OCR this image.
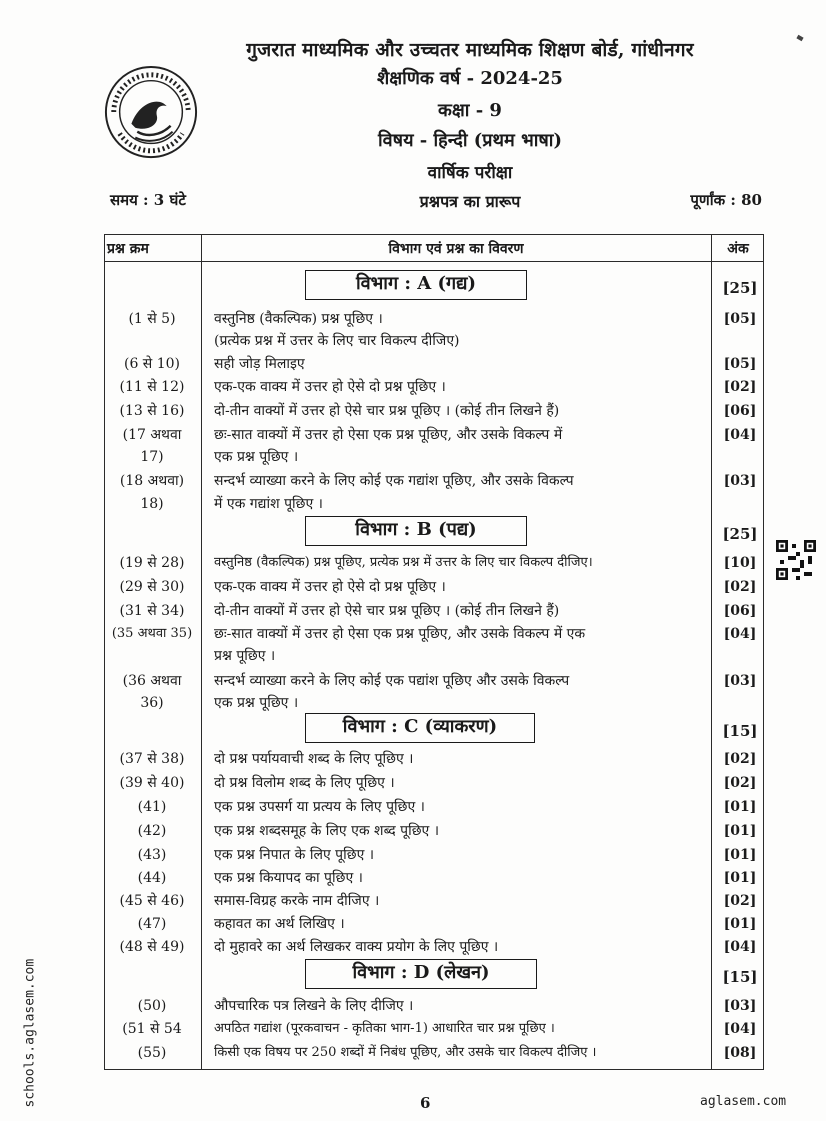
गुजरात माध्यमिक और उच्चतर माध्यमिक शिक्षण बोर्ड, गांधीनगर
शैक्षणिक वर्ष - 2024-25
कक्षा - 9
विषय - हिन्दी (प्रथम भाषा)
वार्षिक परीक्षा
समय : 3 घंटे	प्रश्नपत्र का प्रारूप	पूर्णांक : 80
प्रश्न क्रम	विभाग एवं प्रश्न का विवरण	अंक
विभाग : A (गद्य)	[25]
(1 से 5)	वस्तुनिष्ठ (वैकल्पिक) प्रश्न पूछिए ।	[05]
(प्रत्येक प्रश्न में उत्तर के लिए चार विकल्प दीजिए)
(6 से 10)	सही जोड़ मिलाइए	[05]
(11 से 12)	एक-एक वाक्य में उत्तर हो ऐसे दो प्रश्न पूछिए ।	[02]
(13 से 16)	दो-तीन वाक्यों में उत्तर हो ऐसे चार प्रश्न पूछिए । (कोई तीन लिखने हैं)	[06]
(17 अथवा	छः-सात वाक्यों में उत्तर हो ऐसा एक प्रश्न पूछिए, और उसके विकल्प में	[04]
17)	एक प्रश्न पूछिए ।
(18 अथवा)	सन्दर्भ व्याख्या करने के लिए कोई एक गद्यांश पूछिए, और उसके विकल्प	[03]
18)	में एक गद्यांश पूछिए ।
विभाग : B (पद्य)	[25]
(19 से 28)	वस्तुनिष्ठ (वैकल्पिक) प्रश्न पूछिए, प्रत्येक प्रश्न में उत्तर के लिए चार विकल्प दीजिए।	[10]
(29 से 30)	एक-एक वाक्य में उत्तर हो ऐसे दो प्रश्न पूछिए ।	[02]
(31 से 34)	दो-तीन वाक्यों में उत्तर हो ऐसे चार प्रश्न पूछिए । (कोई तीन लिखने हैं)	[06]
(35 अथवा 35)	छः-सात वाक्यों में उत्तर हो ऐसा एक प्रश्न पूछिए, और उसके विकल्प में एक	[04]
प्रश्न पूछिए ।
(36 अथवा	सन्दर्भ व्याख्या करने के लिए कोई एक पद्यांश पूछिए और उसके विकल्प	[03]
36)	एक प्रश्न पूछिए ।
विभाग : C (व्याकरण)	[15]
(37 से 38)	दो प्रश्न पर्यायवाची शब्द के लिए पूछिए ।	[02]
(39 से 40)	दो प्रश्न विलोम शब्द के लिए पूछिए ।	[02]
(41)	एक प्रश्न उपसर्ग या प्रत्यय के लिए पूछिए ।	[01]
(42)	एक प्रश्न शब्दसमूह के लिए एक शब्द पूछिए ।	[01]
(43)	एक प्रश्न निपात के लिए पूछिए ।	[01]
(44)	एक प्रश्न कियापद का पूछिए ।	[01]
(45 से 46)	समास-विग्रह करके नाम दीजिए ।	[02]
(47)	कहावत का अर्थ लिखिए ।	[01]
(48 से 49)	दो मुहावरे का अर्थ लिखकर वाक्य प्रयोग के लिए पूछिए ।	[04]
विभाग : D (लेखन)	[15]
(50)	औपचारिक पत्र लिखने के लिए दीजिए ।	[03]
(51 से 54	अपठित गद्यांश (पूरकवाचन - कृतिका भाग-1) आधारित चार प्रश्न पूछिए ।	[04]
(55)	किसी एक विषय पर 250 शब्दों में निबंध पूछिए, और उसके चार विकल्प दीजिए ।	[08]
6	aglasem.com
schools.aglasem.com
